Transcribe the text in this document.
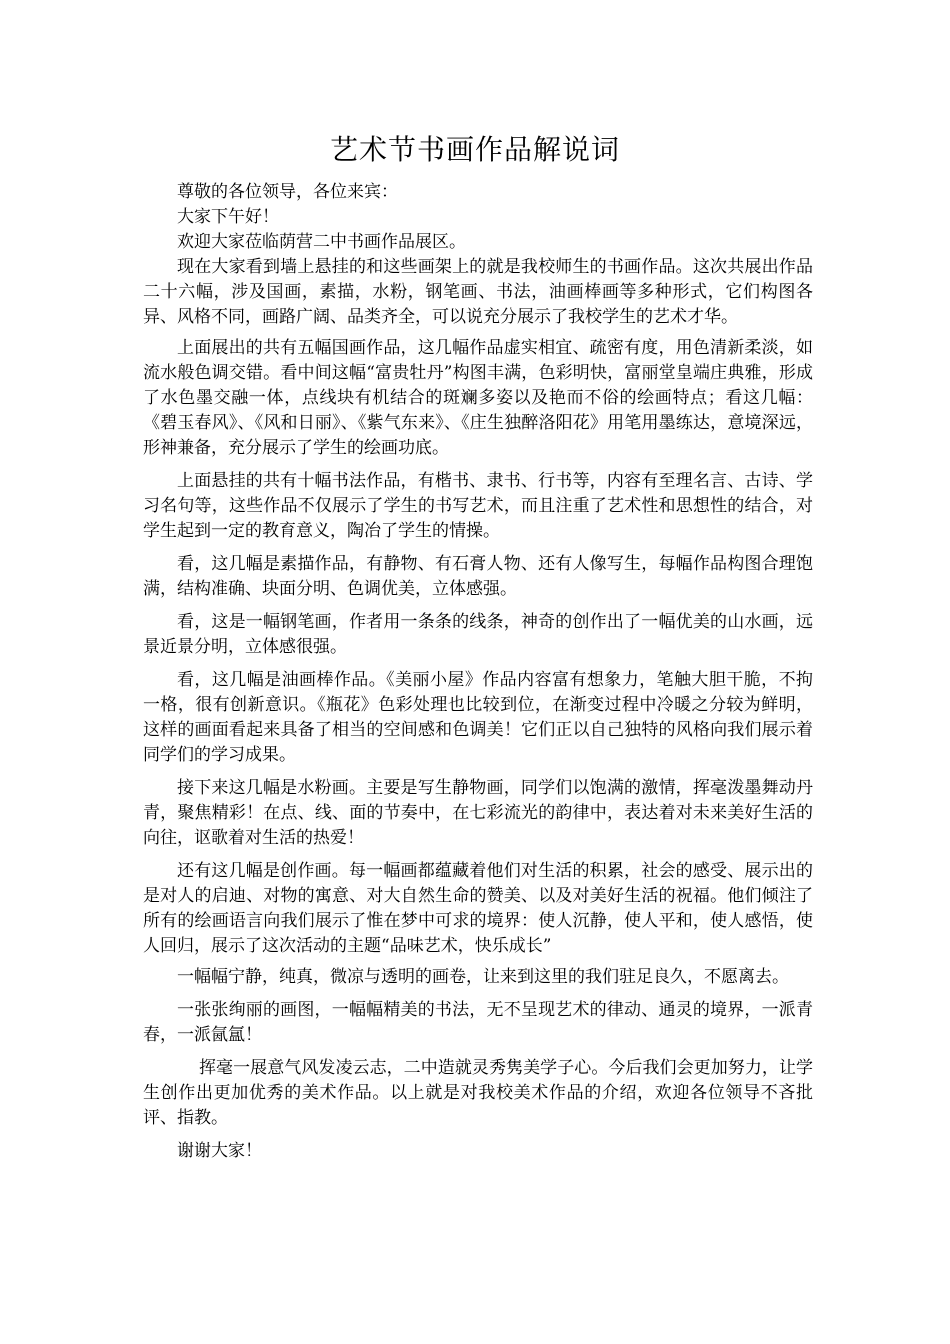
艺术节书画作品解说词

尊敬的各位领导，各位来宾：

大家下午好！

欢迎大家莅临荫营二中书画作品展区。

现在大家看到墙上悬挂的和这些画架上的就是我校师生的书画作品。这次共展出作品二十六幅，涉及国画，素描，水粉，钢笔画、书法，油画棒画等多种形式，它们构图各异、风格不同，画路广阔、品类齐全，可以说充分展示了我校学生的艺术才华。

上面展出的共有五幅国画作品，这几幅作品虚实相宜、疏密有度，用色清新柔淡，如流水般色调交错。看中间这幅“富贵牡丹”构图丰满，色彩明快，富丽堂皇端庄典雅，形成了水色墨交融一体，点线块有机结合的斑斓多姿以及艳而不俗的绘画特点；看这几幅：《碧玉春风》、《风和日丽》、《紫气东来》、《庄生独醉洛阳花》用笔用墨练达，意境深远，形神兼备，充分展示了学生的绘画功底。

上面悬挂的共有十幅书法作品，有楷书、隶书、行书等，内容有至理名言、古诗、学习名句等，这些作品不仅展示了学生的书写艺术，而且注重了艺术性和思想性的结合，对学生起到一定的教育意义，陶冶了学生的情操。

看，这几幅是素描作品，有静物、有石膏人物、还有人像写生，每幅作品构图合理饱满，结构准确、块面分明、色调优美，立体感强。

看，这是一幅钢笔画，作者用一条条的线条，神奇的创作出了一幅优美的山水画，远景近景分明，立体感很强。

看，这几幅是油画棒作品。《美丽小屋》作品内容富有想象力，笔触大胆干脆，不拘一格，很有创新意识。《瓶花》色彩处理也比较到位，在渐变过程中冷暖之分较为鲜明，这样的画面看起来具备了相当的空间感和色调美！它们正以自己独特的风格向我们展示着同学们的学习成果。

接下来这几幅是水粉画。主要是写生静物画，同学们以饱满的激情，挥毫泼墨舞动丹青，聚焦精彩！在点、线、面的节奏中，在七彩流光的韵律中，表达着对未来美好生活的向往，讴歌着对生活的热爱！

还有这几幅是创作画。每一幅画都蕴藏着他们对生活的积累，社会的感受、展示出的是对人的启迪、对物的寓意、对大自然生命的赞美、以及对美好生活的祝福。他们倾注了所有的绘画语言向我们展示了惟在梦中可求的境界：使人沉静，使人平和，使人感悟，使人回归，展示了这次活动的主题“品味艺术，快乐成长”

一幅幅宁静，纯真，微凉与透明的画卷，让来到这里的我们驻足良久，不愿离去。

一张张绚丽的画图，一幅幅精美的书法，无不呈现艺术的律动、通灵的境界，一派青春，一派氤氲！

挥毫一展意气风发凌云志，二中造就灵秀隽美学子心。今后我们会更加努力，让学生创作出更加优秀的美术作品。以上就是对我校美术作品的介绍，欢迎各位领导不吝批评、指教。

谢谢大家！
